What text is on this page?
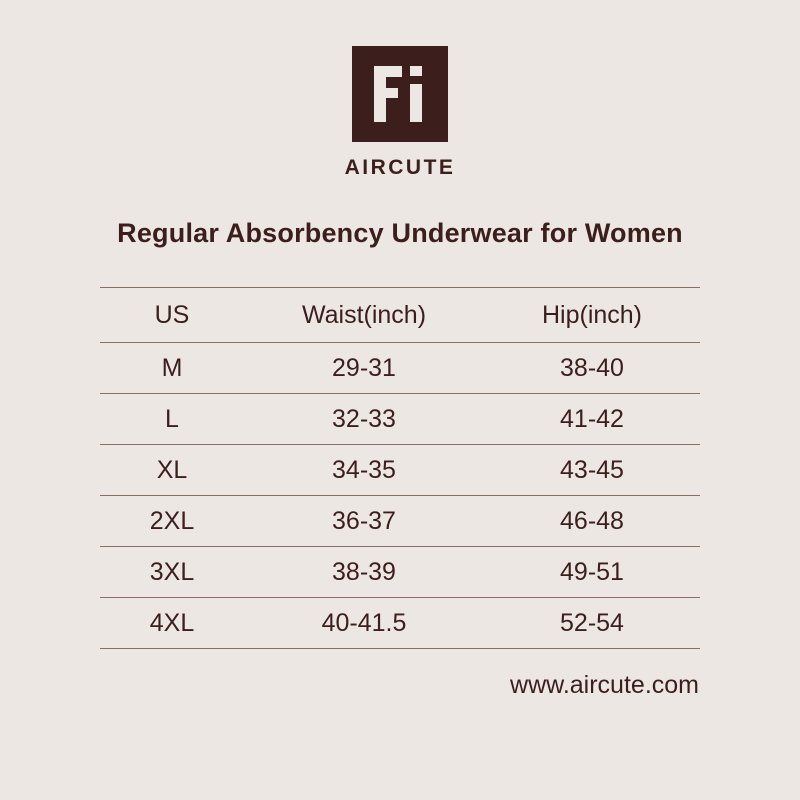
AIRCUTE
Regular Absorbency Underwear for Women
US	Waist(inch)	Hip(inch)
M	29-31	38-40
L	32-33	41-42
XL	34-35	43-45
2XL	36-37	46-48
3XL	38-39	49-51
4XL	40-41.5	52-54
www.aircute.com
